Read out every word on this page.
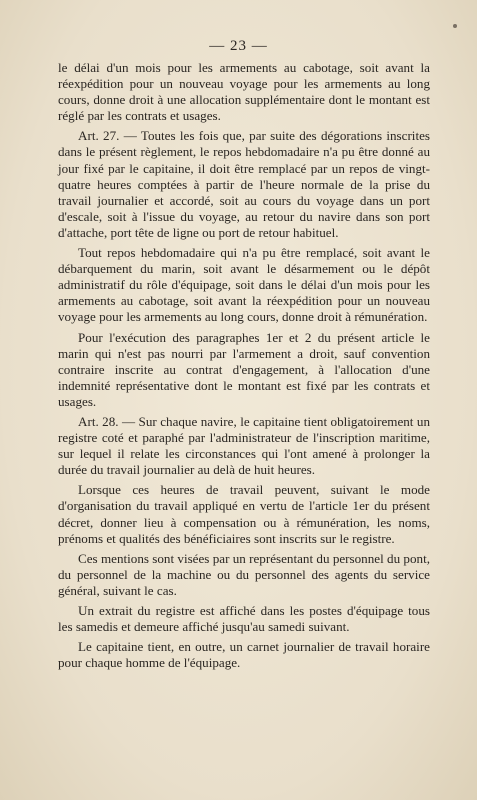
— 23 —

le délai d'un mois pour les armements au cabotage, soit avant la réexpédition pour un nouveau voyage pour les armements au long cours, donne droit à une allocation supplémentaire dont le montant est réglé par les contrats et usages.

Art. 27. — Toutes les fois que, par suite des dégorations inscrites dans le présent règlement, le repos hebdomadaire n'a pu être donné au jour fixé par le capitaine, il doit être remplacé par un repos de vingt-quatre heures comptées à partir de l'heure normale de la prise du travail journalier et accordé, soit au cours du voyage dans un port d'escale, soit à l'issue du voyage, au retour du navire dans son port d'attache, port tête de ligne ou port de retour habituel.

Tout repos hebdomadaire qui n'a pu être remplacé, soit avant le débarquement du marin, soit avant le désarmement ou le dépôt administratif du rôle d'équipage, soit dans le délai d'un mois pour les armements au cabotage, soit avant la réexpédition pour un nouveau voyage pour les armements au long cours, donne droit à rémunération.

Pour l'exécution des paragraphes 1er et 2 du présent article le marin qui n'est pas nourri par l'armement a droit, sauf convention contraire inscrite au contrat d'engagement, à l'allocation d'une indemnité représentative dont le montant est fixé par les contrats et usages.

Art. 28. — Sur chaque navire, le capitaine tient obligatoirement un registre coté et paraphé par l'administrateur de l'inscription maritime, sur lequel il relate les circonstances qui l'ont amené à prolonger la durée du travail journalier au delà de huit heures.

Lorsque ces heures de travail peuvent, suivant le mode d'organisation du travail appliqué en vertu de l'article 1er du présent décret, donner lieu à compensation ou à rémunération, les noms, prénoms et qualités des bénéficiaires sont inscrits sur le registre.

Ces mentions sont visées par un représentant du personnel du pont, du personnel de la machine ou du personnel des agents du service général, suivant le cas.

Un extrait du registre est affiché dans les postes d'équipage tous les samedis et demeure affiché jusqu'au samedi suivant.

Le capitaine tient, en outre, un carnet journalier de travail horaire pour chaque homme de l'équipage.
